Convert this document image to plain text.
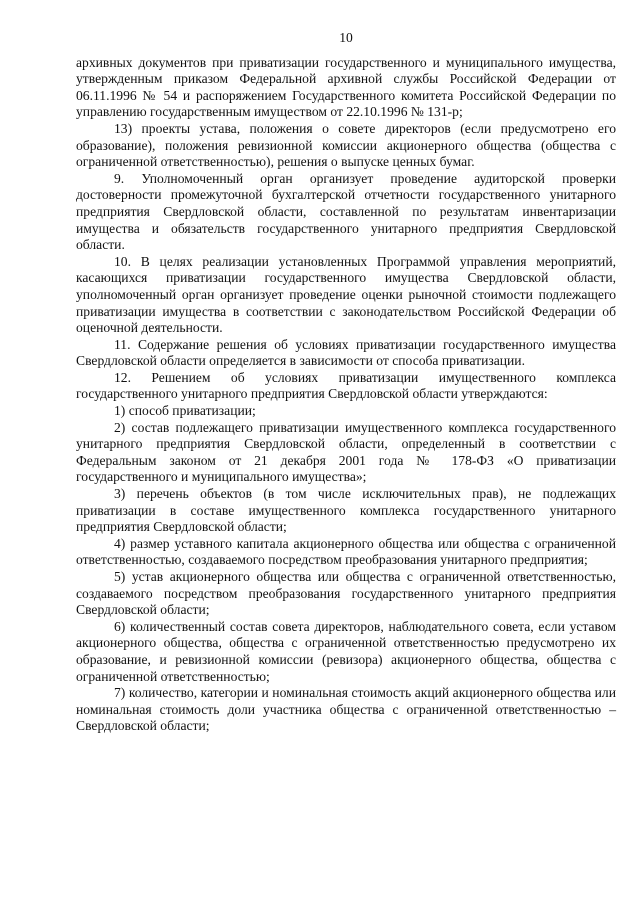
10

архивных документов при приватизации государственного и муниципального имущества, утвержденным приказом Федеральной архивной службы Российской Федерации от 06.11.1996 № 54 и распоряжением Государственного комитета Российской Федерации по управлению государственным имуществом от 22.10.1996 № 131-р;

13) проекты устава, положения о совете директоров (если предусмотрено его образование), положения ревизионной комиссии акционерного общества (общества с ограниченной ответственностью), решения о выпуске ценных бумаг.

9. Уполномоченный орган организует проведение аудиторской проверки достоверности промежуточной бухгалтерской отчетности государственного унитарного предприятия Свердловской области, составленной по результатам инвентаризации имущества и обязательств государственного унитарного предприятия Свердловской области.

10. В целях реализации установленных Программой управления мероприятий, касающихся приватизации государственного имущества Свердловской области, уполномоченный орган организует проведение оценки рыночной стоимости подлежащего приватизации имущества в соответствии с законодательством Российской Федерации об оценочной деятельности.

11. Содержание решения об условиях приватизации государственного имущества Свердловской области определяется в зависимости от способа приватизации.

12. Решением об условиях приватизации имущественного комплекса государственного унитарного предприятия Свердловской области утверждаются:

1) способ приватизации;

2) состав подлежащего приватизации имущественного комплекса государственного унитарного предприятия Свердловской области, определенный в соответствии с Федеральным законом от 21 декабря 2001 года № 178-ФЗ «О приватизации государственного и муниципального имущества»;

3) перечень объектов (в том числе исключительных прав), не подлежащих приватизации в составе имущественного комплекса государственного унитарного предприятия Свердловской области;

4) размер уставного капитала акционерного общества или общества с ограниченной ответственностью, создаваемого посредством преобразования унитарного предприятия;

5) устав акционерного общества или общества с ограниченной ответственностью, создаваемого посредством преобразования государственного унитарного предприятия Свердловской области;

6) количественный состав совета директоров, наблюдательного совета, если уставом акционерного общества, общества с ограниченной ответственностью предусмотрено их образование, и ревизионной комиссии (ревизора) акционерного общества, общества с ограниченной ответственностью;

7) количество, категории и номинальная стоимость акций акционерного общества или номинальная стоимость доли участника общества с ограниченной ответственностью – Свердловской области;
